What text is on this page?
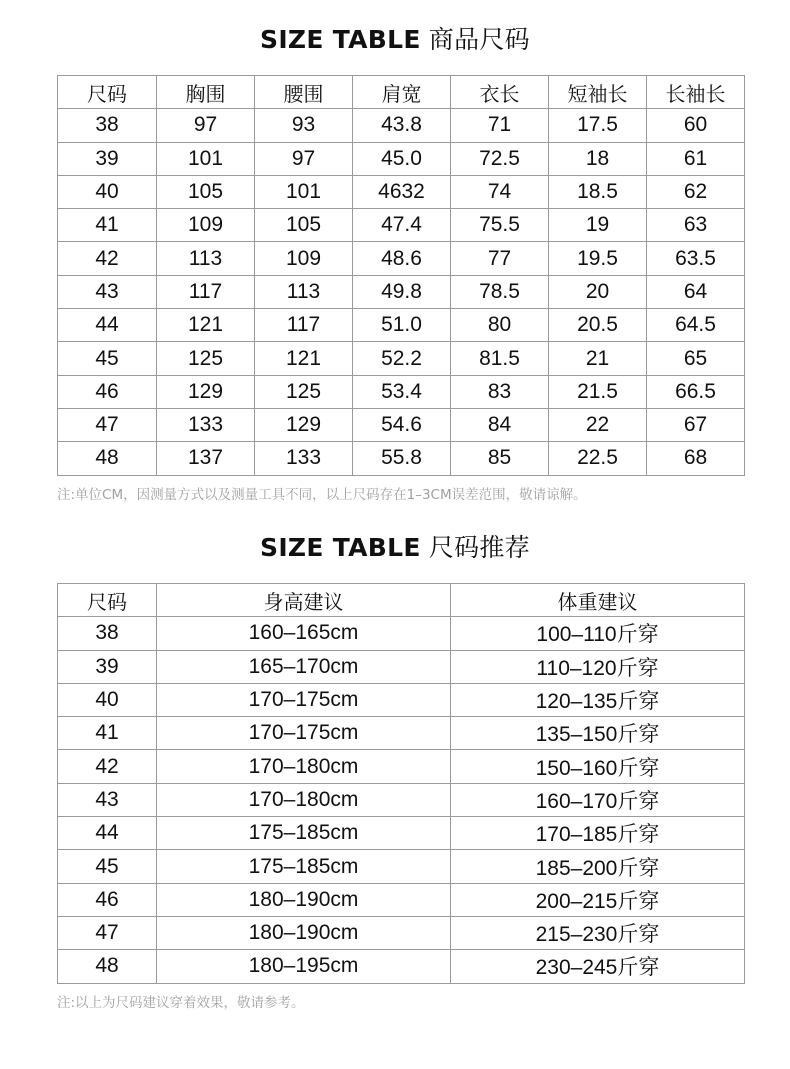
SIZE TABLE 商品尺码
尺码	胸围	腰围	肩宽	衣长	短袖长	长袖长
38	97	93	43.8	71	17.5	60
39	101	97	45.0	72.5	18	61
40	105	101	4632	74	18.5	62
41	109	105	47.4	75.5	19	63
42	113	109	48.6	77	19.5	63.5
43	117	113	49.8	78.5	20	64
44	121	117	51.0	80	20.5	64.5
45	125	121	52.2	81.5	21	65
46	129	125	53.4	83	21.5	66.5
47	133	129	54.6	84	22	67
48	137	133	55.8	85	22.5	68
注:单位CM，因测量方式以及测量工具不同，以上尺码存在1–3CM误差范围，敬请谅解。
SIZE TABLE 尺码推荐
尺码	身高建议	体重建议
38	160–165cm	100–110斤穿
39	165–170cm	110–120斤穿
40	170–175cm	120–135斤穿
41	170–175cm	135–150斤穿
42	170–180cm	150–160斤穿
43	170–180cm	160–170斤穿
44	175–185cm	170–185斤穿
45	175–185cm	185–200斤穿
46	180–190cm	200–215斤穿
47	180–190cm	215–230斤穿
48	180–195cm	230–245斤穿
注:以上为尺码建议穿着效果，敬请参考。
